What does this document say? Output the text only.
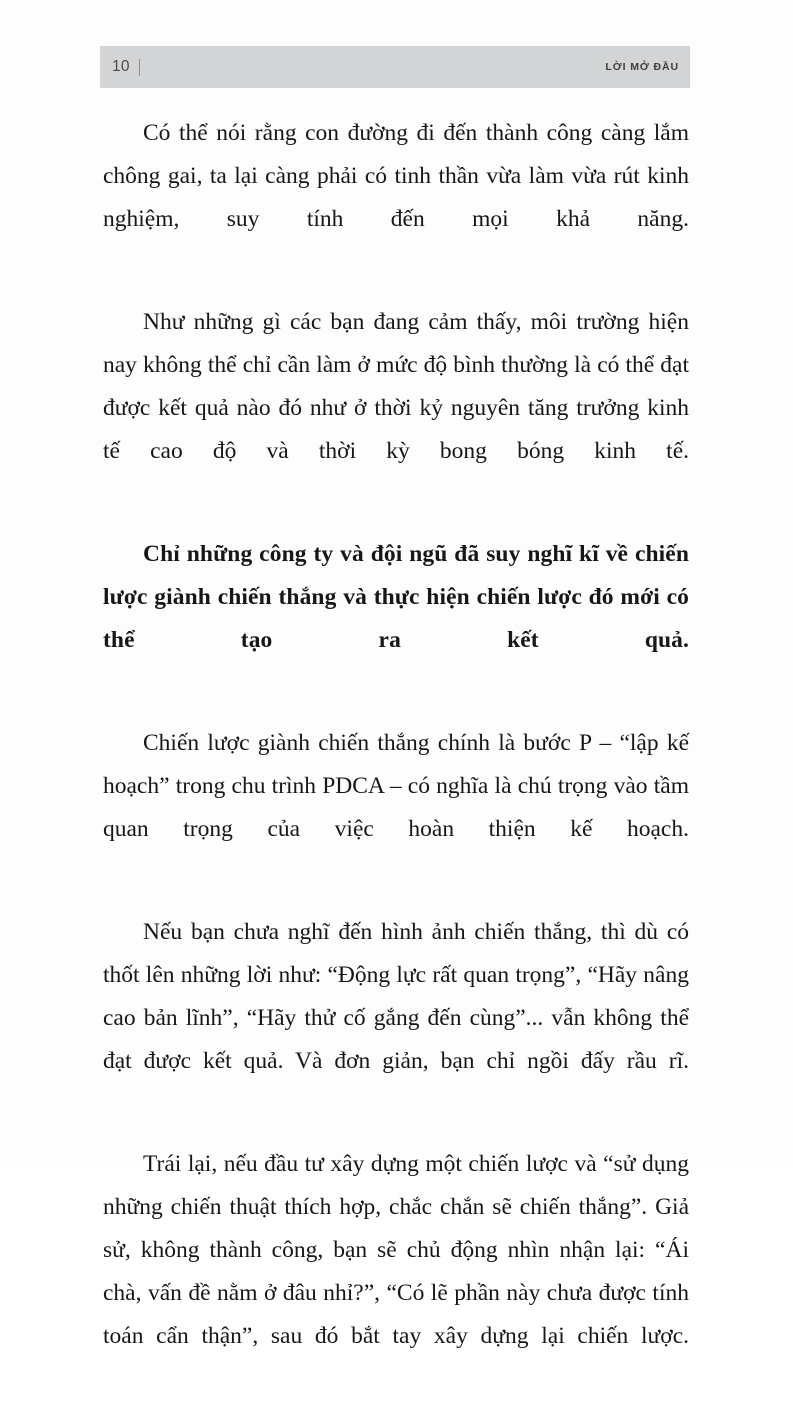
10	LỜI MỞ ĐẦU

Có thể nói rằng con đường đi đến thành công càng lắm chông gai, ta lại càng phải có tinh thần vừa làm vừa rút kinh nghiệm, suy tính đến mọi khả năng.

Như những gì các bạn đang cảm thấy, môi trường hiện nay không thể chỉ cần làm ở mức độ bình thường là có thể đạt được kết quả nào đó như ở thời kỷ nguyên tăng trưởng kinh tế cao độ và thời kỳ bong bóng kinh tế.

Chỉ những công ty và đội ngũ đã suy nghĩ kĩ về chiến lược giành chiến thắng và thực hiện chiến lược đó mới có thể tạo ra kết quả.

Chiến lược giành chiến thắng chính là bước P – “lập kế hoạch” trong chu trình PDCA – có nghĩa là chú trọng vào tầm quan trọng của việc hoàn thiện kế hoạch.

Nếu bạn chưa nghĩ đến hình ảnh chiến thắng, thì dù có thốt lên những lời như: “Động lực rất quan trọng”, “Hãy nâng cao bản lĩnh”, “Hãy thử cố gắng đến cùng”... vẫn không thể đạt được kết quả. Và đơn giản, bạn chỉ ngồi đấy rầu rĩ.

Trái lại, nếu đầu tư xây dựng một chiến lược và “sử dụng những chiến thuật thích hợp, chắc chắn sẽ chiến thắng”. Giả sử, không thành công, bạn sẽ chủ động nhìn nhận lại: “Ái chà, vấn đề nằm ở đâu nhỉ?”, “Có lẽ phần này chưa được tính toán cẩn thận”, sau đó bắt tay xây dựng lại chiến lược.
